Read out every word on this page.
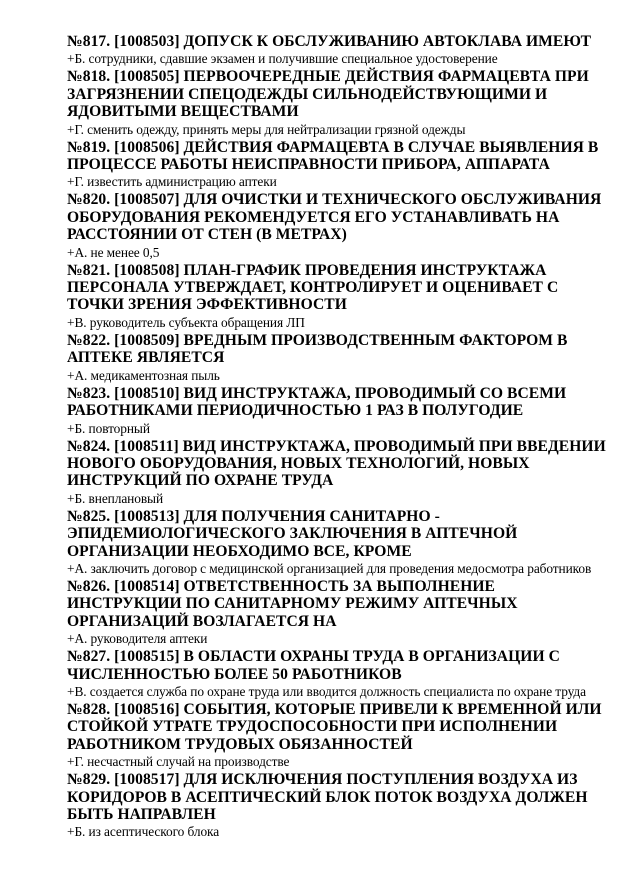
№817. [1008503] ДОПУСК К ОБСЛУЖИВАНИЮ АВТОКЛАВА ИМЕЮТ

+Б. сотрудники, сдавшие экзамен и получившие специальное удостоверение

№818. [1008505] ПЕРВООЧЕРЕДНЫЕ ДЕЙСТВИЯ ФАРМАЦЕВТА ПРИ ЗАГРЯЗНЕНИИ СПЕЦОДЕЖДЫ СИЛЬНОДЕЙСТВУЮЩИМИ И ЯДОВИТЫМИ ВЕЩЕСТВАМИ

+Г. сменить одежду, принять меры для нейтрализации грязной одежды

№819. [1008506] ДЕЙСТВИЯ ФАРМАЦЕВТА В СЛУЧАЕ ВЫЯВЛЕНИЯ В ПРОЦЕССЕ РАБОТЫ НЕИСПРАВНОСТИ ПРИБОРА, АППАРАТА

+Г. известить администрацию аптеки

№820. [1008507] ДЛЯ ОЧИСТКИ И ТЕХНИЧЕСКОГО ОБСЛУЖИВАНИЯ ОБОРУДОВАНИЯ РЕКОМЕНДУЕТСЯ ЕГО УСТАНАВЛИВАТЬ НА РАССТОЯНИИ ОТ СТЕН (В МЕТРАХ)

+А. не менее 0,5

№821. [1008508] ПЛАН-ГРАФИК ПРОВЕДЕНИЯ ИНСТРУКТАЖА ПЕРСОНАЛА УТВЕРЖДАЕТ, КОНТРОЛИРУЕТ И ОЦЕНИВАЕТ С ТОЧКИ ЗРЕНИЯ ЭФФЕКТИВНОСТИ

+В. руководитель субъекта обращения ЛП

№822. [1008509] ВРЕДНЫМ ПРОИЗВОДСТВЕННЫМ ФАКТОРОМ В АПТЕКЕ ЯВЛЯЕТСЯ

+А. медикаментозная пыль

№823. [1008510] ВИД ИНСТРУКТАЖА, ПРОВОДИМЫЙ СО ВСЕМИ РАБОТНИКАМИ ПЕРИОДИЧНОСТЬЮ 1 РАЗ В ПОЛУГОДИЕ

+Б. повторный

№824. [1008511] ВИД ИНСТРУКТАЖА, ПРОВОДИМЫЙ ПРИ ВВЕДЕНИИ НОВОГО ОБОРУДОВАНИЯ, НОВЫХ ТЕХНОЛОГИЙ, НОВЫХ ИНСТРУКЦИЙ ПО ОХРАНЕ ТРУДА

+Б. внеплановый

№825. [1008513] ДЛЯ ПОЛУЧЕНИЯ САНИТАРНО - ЭПИДЕМИОЛОГИЧЕСКОГО ЗАКЛЮЧЕНИЯ В АПТЕЧНОЙ ОРГАНИЗАЦИИ НЕОБХОДИМО ВСЕ, КРОМЕ

+А. заключить договор с медицинской организацией для проведения медосмотра работников

№826. [1008514] ОТВЕТСТВЕННОСТЬ ЗА ВЫПОЛНЕНИЕ ИНСТРУКЦИИ ПО САНИТАРНОМУ РЕЖИМУ АПТЕЧНЫХ ОРГАНИЗАЦИЙ ВОЗЛАГАЕТСЯ НА

+А. руководителя аптеки

№827. [1008515] В ОБЛАСТИ ОХРАНЫ ТРУДА В ОРГАНИЗАЦИИ С ЧИСЛЕННОСТЬЮ БОЛЕЕ 50 РАБОТНИКОВ

+В. создается служба по охране труда или вводится должность специалиста по охране труда

№828. [1008516] СОБЫТИЯ, КОТОРЫЕ ПРИВЕЛИ К ВРЕМЕННОЙ ИЛИ СТОЙКОЙ УТРАТЕ ТРУДОСПОСОБНОСТИ ПРИ ИСПОЛНЕНИИ РАБОТНИКОМ ТРУДОВЫХ ОБЯЗАННОСТЕЙ

+Г. несчастный случай на производстве

№829. [1008517] ДЛЯ ИСКЛЮЧЕНИЯ ПОСТУПЛЕНИЯ ВОЗДУХА ИЗ КОРИДОРОВ В АСЕПТИЧЕСКИЙ БЛОК ПОТОК ВОЗДУХА ДОЛЖЕН БЫТЬ НАПРАВЛЕН

+Б. из асептического блока
